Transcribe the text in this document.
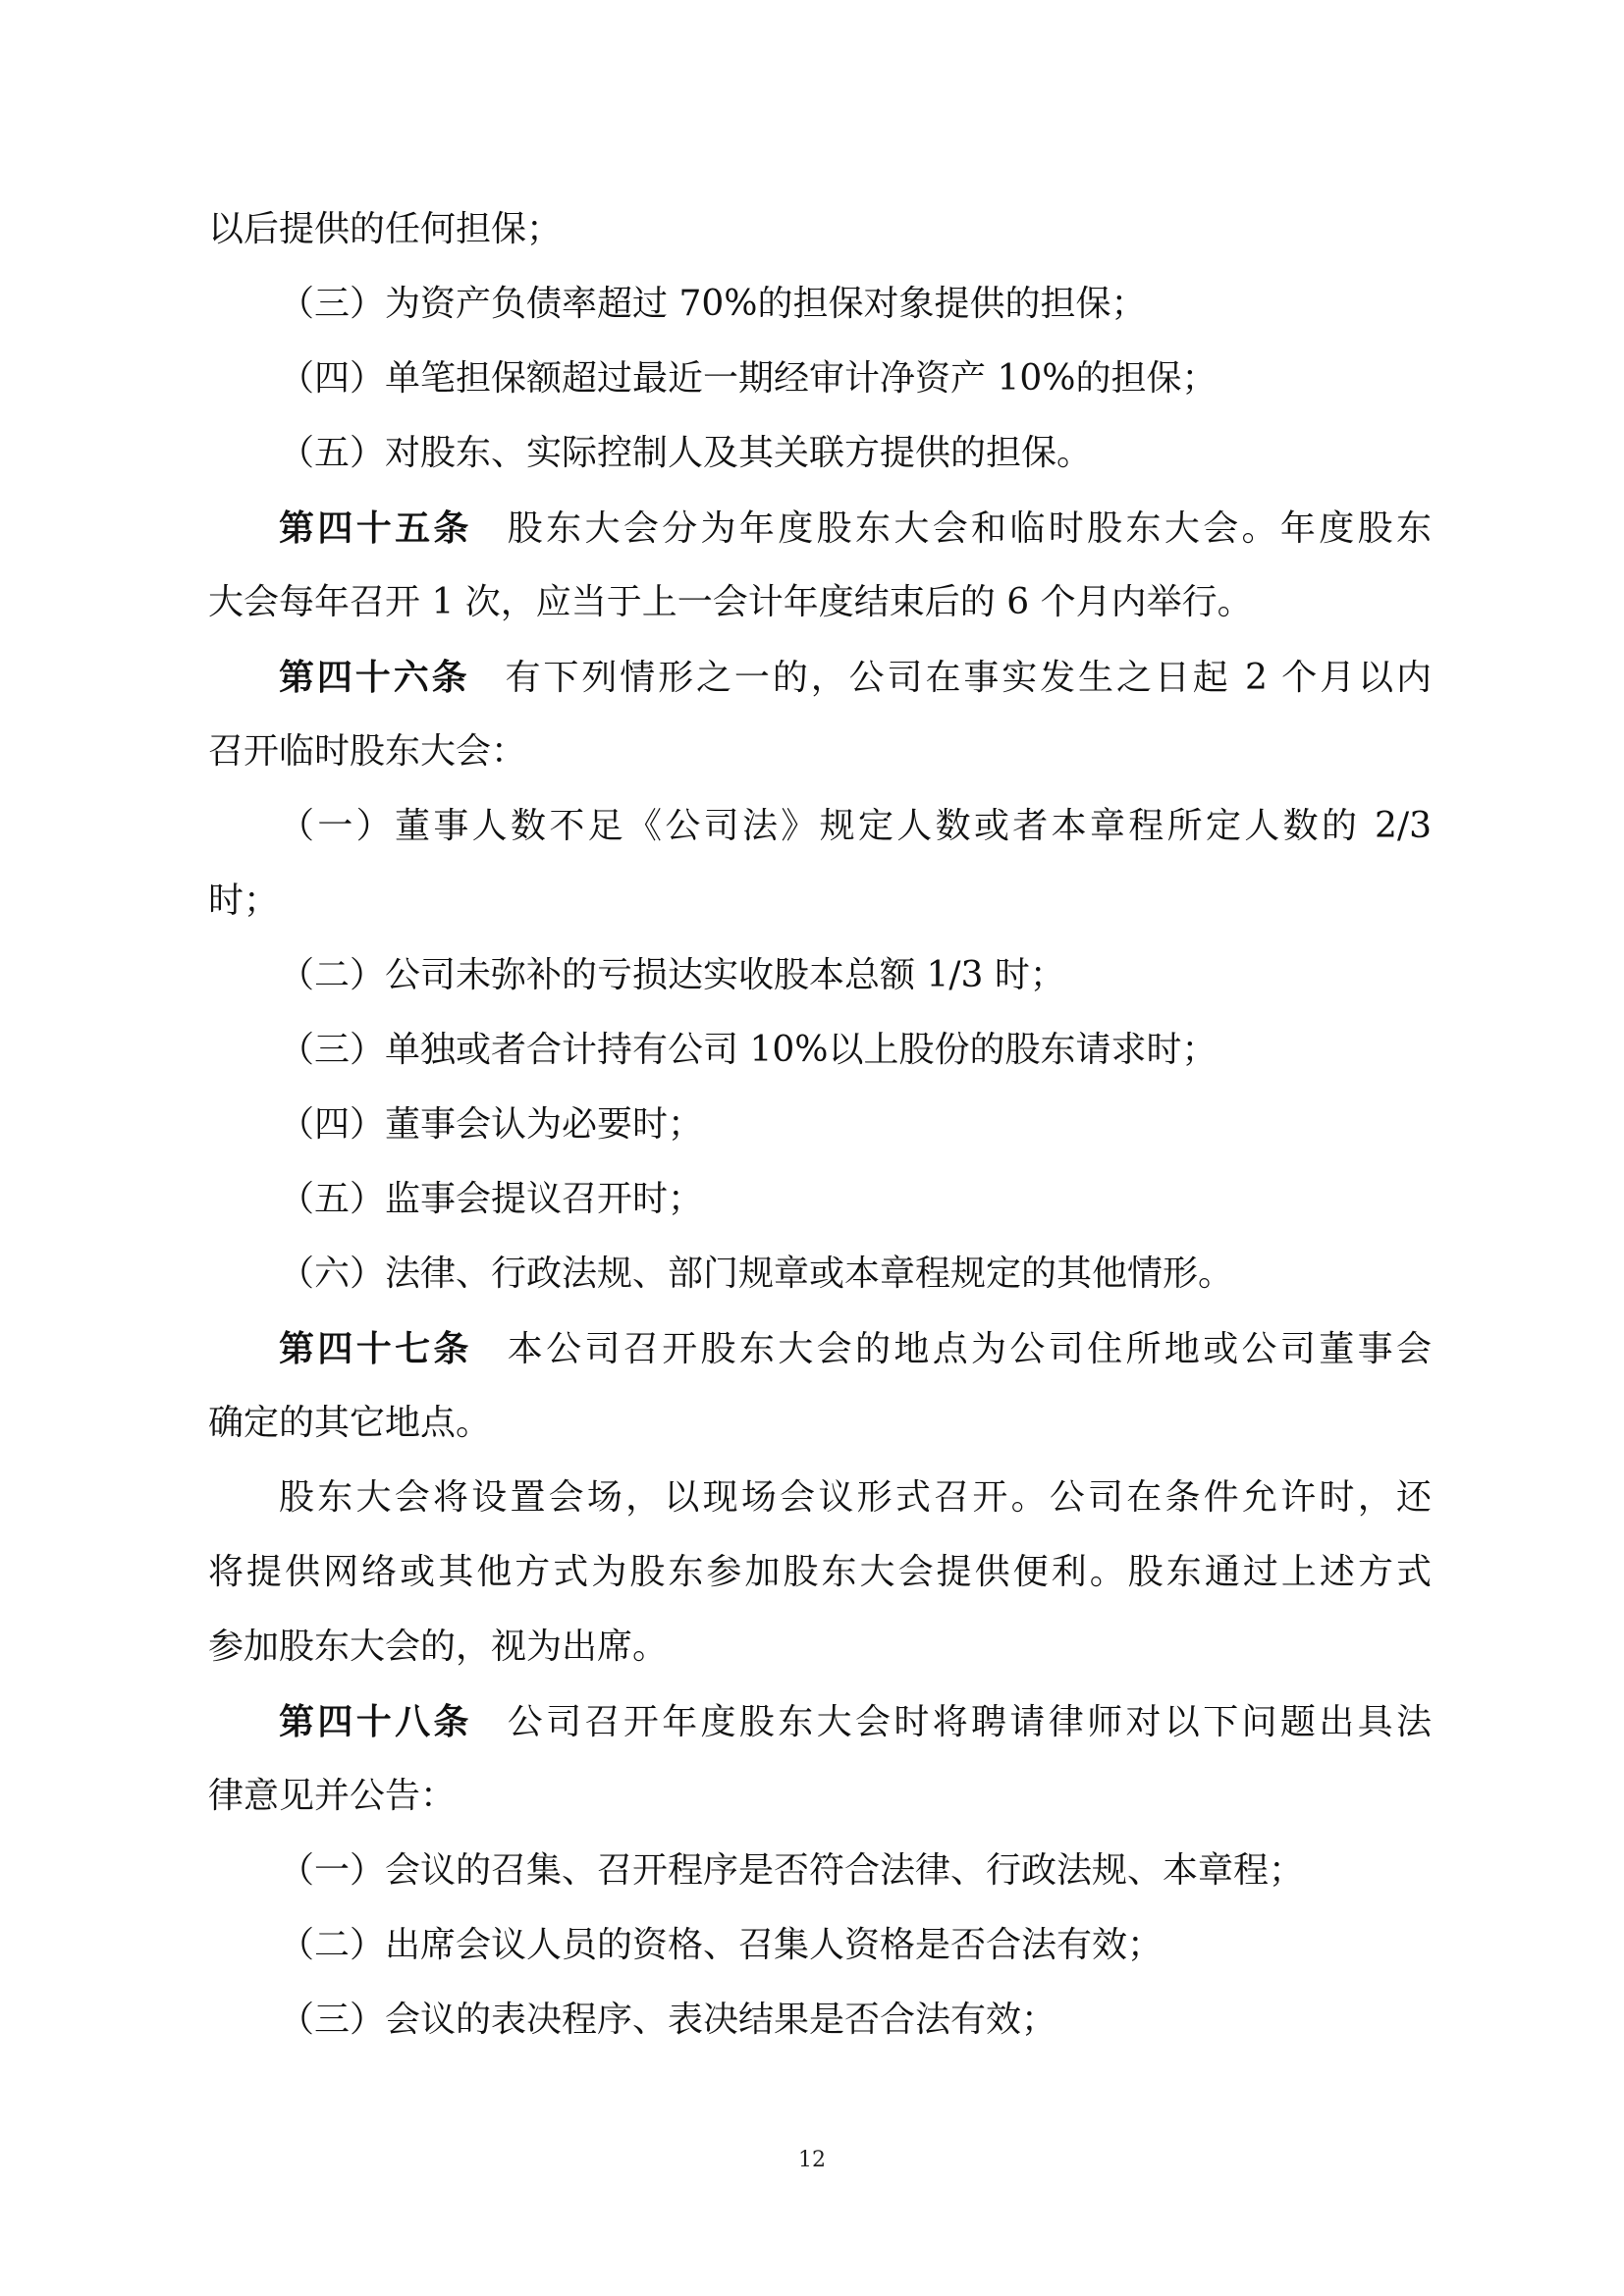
以后提供的任何担保；
（三）为资产负债率超过 70%的担保对象提供的担保；
（四）单笔担保额超过最近一期经审计净资产 10%的担保；
（五）对股东、实际控制人及其关联方提供的担保。
第四十五条 股东大会分为年度股东大会和临时股东大会。年度股东
大会每年召开 1 次，应当于上一会计年度结束后的 6 个月内举行。
第四十六条 有下列情形之一的，公司在事实发生之日起 2 个月以内
召开临时股东大会：
（一）董事人数不足《公司法》规定人数或者本章程所定人数的 2/3
时；
（二）公司未弥补的亏损达实收股本总额 1/3 时；
（三）单独或者合计持有公司 10%以上股份的股东请求时；
（四）董事会认为必要时；
（五）监事会提议召开时；
（六）法律、行政法规、部门规章或本章程规定的其他情形。
第四十七条 本公司召开股东大会的地点为公司住所地或公司董事会
确定的其它地点。
股东大会将设置会场，以现场会议形式召开。公司在条件允许时，还
将提供网络或其他方式为股东参加股东大会提供便利。股东通过上述方式
参加股东大会的，视为出席。
第四十八条 公司召开年度股东大会时将聘请律师对以下问题出具法
律意见并公告：
（一）会议的召集、召开程序是否符合法律、行政法规、本章程；
（二）出席会议人员的资格、召集人资格是否合法有效；
（三）会议的表决程序、表决结果是否合法有效；
12
